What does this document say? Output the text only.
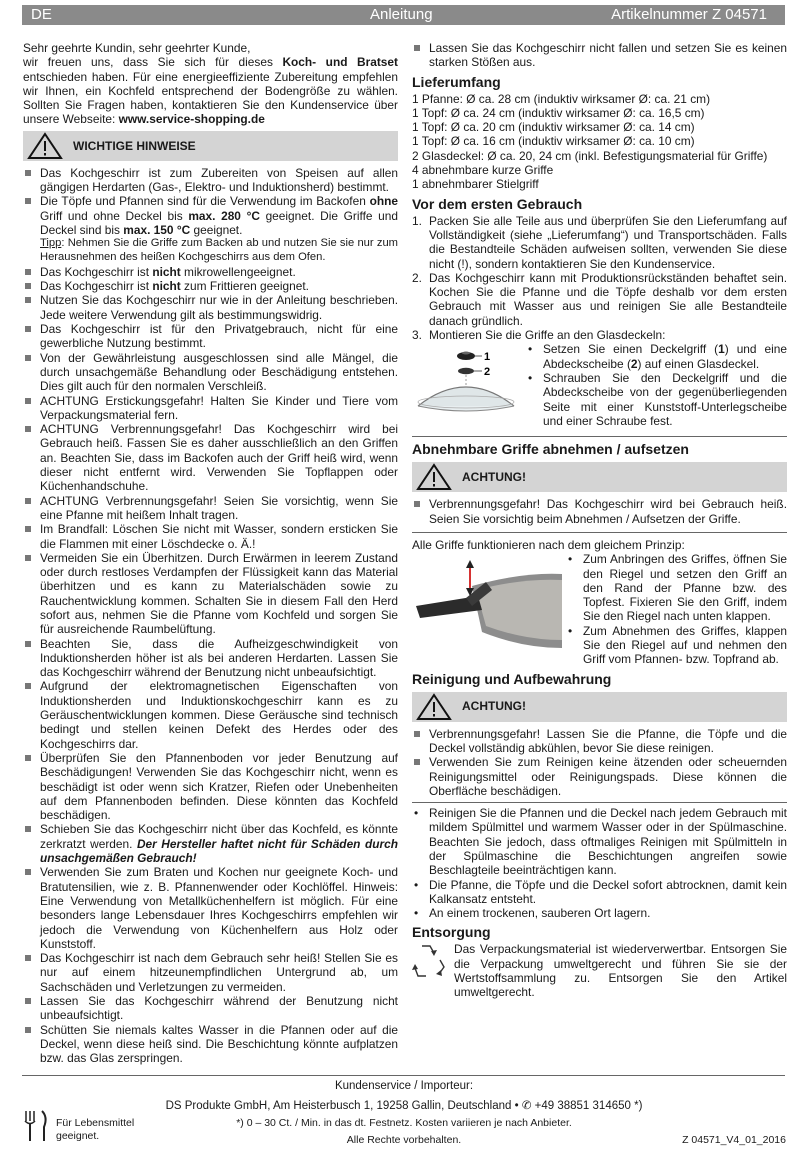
DE	Anleitung	Artikelnummer Z 04571

Sehr geehrte Kundin, sehr geehrter Kunde,

wir freuen uns, dass Sie sich für dieses Koch- und Bratset entschieden haben. Für eine energieeffiziente Zubereitung empfehlen wir Ihnen, ein Kochfeld entsprechend der Bodengröße zu wählen. Sollten Sie Fragen haben, kontaktieren Sie den Kundenservice über unsere Webseite: www.service-shopping.de

WICHTIGE HINWEISE
Das Kochgeschirr ist zum Zubereiten von Speisen auf allen gängigen Herdarten (Gas-, Elektro- und Induktionsherd) bestimmt.
Die Töpfe und Pfannen sind für die Verwendung im Backofen ohne Griff und ohne Deckel bis max. 280 °C geeignet. Die Griffe und Deckel sind bis max. 150 °C geeignet.
Tipp: Nehmen Sie die Griffe zum Backen ab und nutzen Sie sie nur zum Herausnehmen des heißen Kochgeschirrs aus dem Ofen.
Das Kochgeschirr ist nicht mikrowellengeeignet.
Das Kochgeschirr ist nicht zum Frittieren geeignet.
Nutzen Sie das Kochgeschirr nur wie in der Anleitung beschrieben. Jede weitere Verwendung gilt als bestimmungswidrig.
Das Kochgeschirr ist für den Privatgebrauch, nicht für eine gewerbliche Nutzung bestimmt.
Von der Gewährleistung ausgeschlossen sind alle Mängel, die durch unsachgemäße Behandlung oder Beschädigung entstehen. Dies gilt auch für den normalen Verschleiß.
ACHTUNG Erstickungsgefahr! Halten Sie Kinder und Tiere vom Verpackungsmaterial fern.
ACHTUNG Verbrennungsgefahr! Das Kochgeschirr wird bei Gebrauch heiß. Fassen Sie es daher ausschließlich an den Griffen an. Beachten Sie, dass im Backofen auch der Griff heiß wird, wenn dieser nicht entfernt wird. Verwenden Sie Topflappen oder Küchenhandschuhe.
ACHTUNG Verbrennungsgefahr! Seien Sie vorsichtig, wenn Sie eine Pfanne mit heißem Inhalt tragen.
Im Brandfall: Löschen Sie nicht mit Wasser, sondern ersticken Sie die Flammen mit einer Löschdecke o. Ä.!
Vermeiden Sie ein Überhitzen. Durch Erwärmen in leerem Zustand oder durch restloses Verdampfen der Flüssigkeit kann das Material überhitzen und es kann zu Materialschäden sowie zu Rauchentwicklung kommen. Schalten Sie in diesem Fall den Herd sofort aus, nehmen Sie die Pfanne vom Kochfeld und sorgen Sie für ausreichende Raumbelüftung.
Beachten Sie, dass die Aufheizgeschwindigkeit von Induktionsherden höher ist als bei anderen Herdarten. Lassen Sie das Kochgeschirr während der Benutzung nicht unbeaufsichtigt.
Aufgrund der elektromagnetischen Eigenschaften von Induktionsherden und Induktionskochgeschirr kann es zu Geräuschentwicklungen kommen. Diese Geräusche sind technisch bedingt und stellen keinen Defekt des Herdes oder des Kochgeschirrs dar.
Überprüfen Sie den Pfannenboden vor jeder Benutzung auf Beschädigungen! Verwenden Sie das Kochgeschirr nicht, wenn es beschädigt ist oder wenn sich Kratzer, Riefen oder Unebenheiten auf dem Pfannenboden befinden. Diese könnten das Kochfeld beschädigen.
Schieben Sie das Kochgeschirr nicht über das Kochfeld, es könnte zerkratzt werden. Der Hersteller haftet nicht für Schäden durch unsachgemäßen Gebrauch!
Verwenden Sie zum Braten und Kochen nur geeignete Koch- und Bratutensilien, wie z. B. Pfannenwender oder Kochlöffel. Hinweis: Eine Verwendung von Metallküchenhelfern ist möglich. Für eine besonders lange Lebensdauer Ihres Kochgeschirrs empfehlen wir jedoch die Verwendung von Küchenhelfern aus Holz oder Kunststoff.
Das Kochgeschirr ist nach dem Gebrauch sehr heiß! Stellen Sie es nur auf einem hitzeunempfindlichen Untergrund ab, um Sachschäden und Verletzungen zu vermeiden.
Lassen Sie das Kochgeschirr während der Benutzung nicht unbeaufsichtigt.
Schütten Sie niemals kaltes Wasser in die Pfannen oder auf die Deckel, wenn diese heiß sind. Die Beschichtung könnte aufplatzen bzw. das Glas zerspringen.
Lassen Sie das Kochgeschirr nicht fallen und setzen Sie es keinen starken Stößen aus.
Lieferumfang

1 Pfanne: Ø ca. 28 cm (induktiv wirksamer Ø: ca. 21 cm)

1 Topf: Ø ca. 24 cm (induktiv wirksamer Ø: ca. 16,5 cm)

1 Topf: Ø ca. 20 cm (induktiv wirksamer Ø: ca. 14 cm)

1 Topf: Ø ca. 16 cm (induktiv wirksamer Ø: ca. 10 cm)

2 Glasdeckel: Ø ca. 20, 24 cm (inkl. Befestigungsmaterial für Griffe)

4 abnehmbare kurze Griffe

1 abnehmbarer Stielgriff

Vor dem ersten Gebrauch
1. Packen Sie alle Teile aus und überprüfen Sie den Lieferumfang auf Vollständigkeit (siehe „Lieferumfang“) und Transportschäden. Falls die Bestandteile Schäden aufweisen sollten, verwenden Sie diese nicht (!), sondern kontaktieren Sie den Kundenservice.
2. Das Kochgeschirr kann mit Produktionsrückständen behaftet sein. Kochen Sie die Pfanne und die Töpfe deshalb vor dem ersten Gebrauch mit Wasser aus und reinigen Sie alle Bestandteile danach gründlich.
3. Montieren Sie die Griffe an den Glasdeckeln:
1
2
• Setzen Sie einen Deckelgriff (1) und eine Abdeckscheibe (2) auf einen Glasdeckel.
• Schrauben Sie den Deckelgriff und die Abdeckscheibe von der gegenüberliegenden Seite mit einer Kunststoff-Unterlegscheibe und einer Schraube fest.
Abnehmbare Griffe abnehmen / aufsetzen
ACHTUNG!
Verbrennungsgefahr! Das Kochgeschirr wird bei Gebrauch heiß. Seien Sie vorsichtig beim Abnehmen / Aufsetzen der Griffe.

Alle Griffe funktionieren nach dem gleichem Prinzip:

• Zum Anbringen des Griffes, öffnen Sie den Riegel und setzen den Griff an den Rand der Pfanne bzw. des Topfest. Fixieren Sie den Griff, indem Sie den Riegel nach unten klappen.
• Zum Abnehmen des Griffes, klappen Sie den Riegel auf und nehmen den Griff vom Pfannen- bzw. Topfrand ab.
Reinigung und Aufbewahrung
ACHTUNG!
Verbrennungsgefahr! Lassen Sie die Pfanne, die Töpfe und die Deckel vollständig abkühlen, bevor Sie diese reinigen.
Verwenden Sie zum Reinigen keine ätzenden oder scheuernden Reinigungsmittel oder Reinigungspads. Diese können die Oberfläche beschädigen.
• Reinigen Sie die Pfannen und die Deckel nach jedem Gebrauch mit mildem Spülmittel und warmem Wasser oder in der Spülmaschine. Beachten Sie jedoch, dass oftmaliges Reinigen mit Spülmitteln in der Spülmaschine die Beschichtungen angreifen sowie Beschlagteile beeinträchtigen kann.
• Die Pfanne, die Töpfe und die Deckel sofort abtrocknen, damit kein Kalkansatz entsteht.
• An einem trockenen, sauberen Ort lagern.
Entsorgung
Das Verpackungsmaterial ist wiederverwertbar. Entsorgen Sie die Verpackung umweltgerecht und führen Sie sie der Wertstoffsammlung zu. Entsorgen Sie den Artikel umweltgerecht.
Kundenservice / Importeur:
DS Produkte GmbH, Am Heisterbusch 1, 19258 Gallin, Deutschland • ✆ +49 38851 314650 *)
*) 0 – 30 Ct. / Min. in das dt. Festnetz. Kosten variieren je nach Anbieter.
Alle Rechte vorbehalten.
Für Lebensmittel
geeignet.	Z 04571_V4_01_2016
